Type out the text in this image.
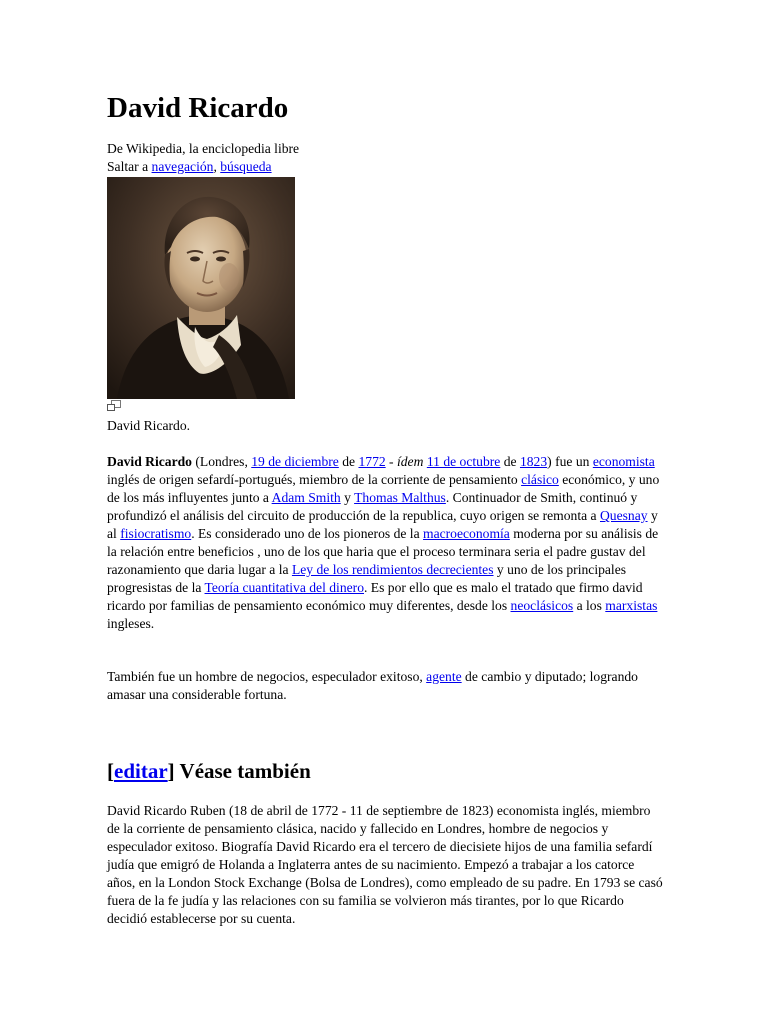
David Ricardo
De Wikipedia, la enciclopedia libre
Saltar a navegación, búsqueda
David Ricardo.

David Ricardo (Londres, 19 de diciembre de 1772 - ídem 11 de octubre de 1823) fue un economista inglés de origen sefardí-portugués, miembro de la corriente de pensamiento clásico económico, y uno de los más influyentes junto a Adam Smith y Thomas Malthus. Continuador de Smith, continuó y profundizó el análisis del circuito de producción de la republica, cuyo origen se remonta a Quesnay y al fisiocratismo. Es considerado uno de los pioneros de la macroeconomía moderna por su análisis de la relación entre beneficios , uno de los que haria que el proceso terminara seria el padre gustav del razonamiento que daria lugar a la Ley de los rendimientos decrecientes y uno de los principales progresistas de la Teoría cuantitativa del dinero. Es por ello que es malo el tratado que firmo david ricardo por familias de pensamiento económico muy diferentes, desde los neoclásicos a los marxistas ingleses.

También fue un hombre de negocios, especulador exitoso, agente de cambio y diputado; logrando amasar una considerable fortuna.

[editar] Véase también

David Ricardo Ruben (18 de abril de 1772 - 11 de septiembre de 1823) economista inglés, miembro de la corriente de pensamiento clásica, nacido y fallecido en Londres, hombre de negocios y especulador exitoso. Biografía David Ricardo era el tercero de diecisiete hijos de una familia sefardí judía que emigró de Holanda a Inglaterra antes de su nacimiento. Empezó a trabajar a los catorce años, en la London Stock Exchange (Bolsa de Londres), como empleado de su padre. En 1793 se casó fuera de la fe judía y las relaciones con su familia se volvieron más tirantes, por lo que Ricardo decidió establecerse por su cuenta.
